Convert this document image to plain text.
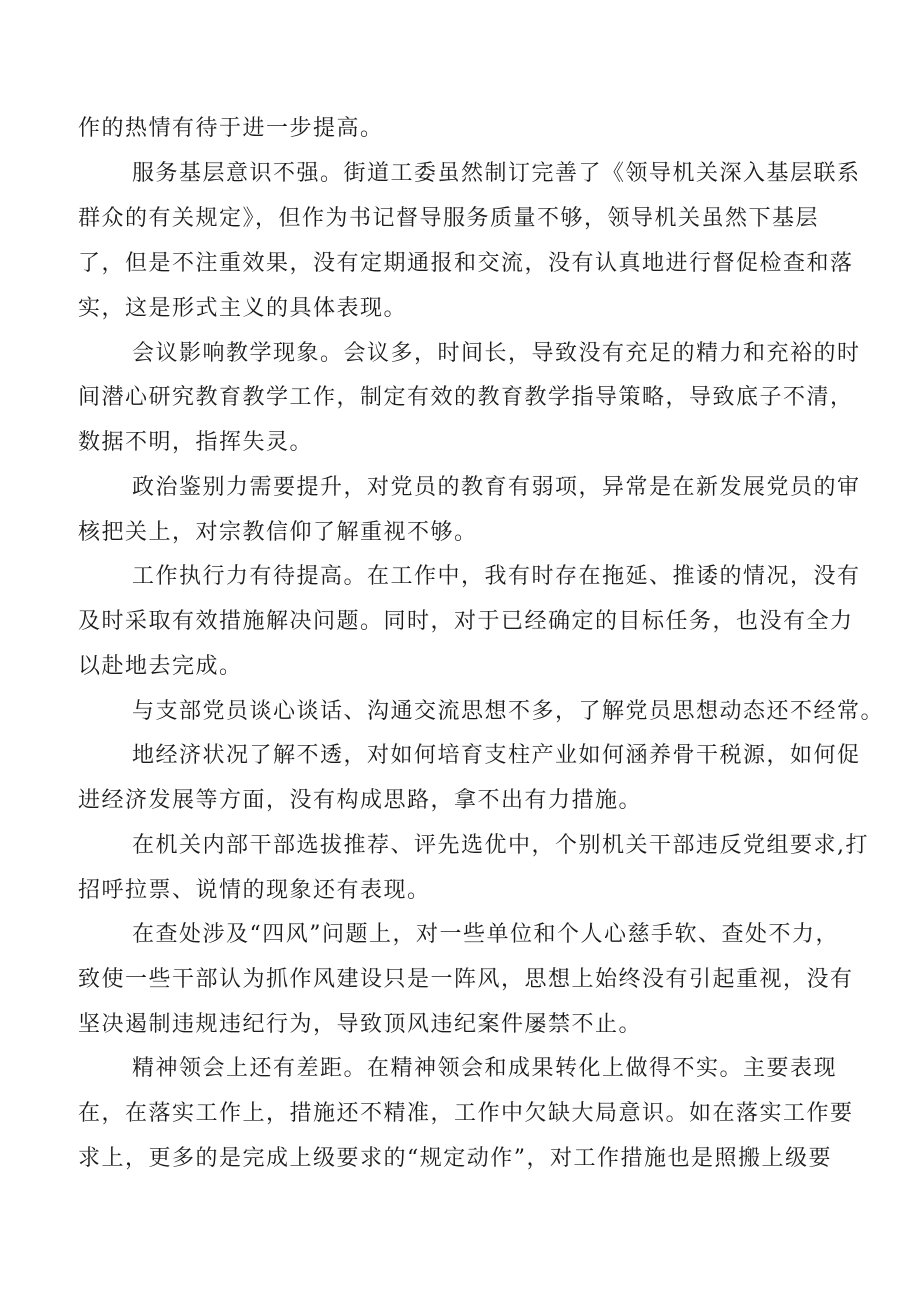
作的热情有待于进一步提高。
服务基层意识不强。街道工委虽然制订完善了《领导机关深入基层联系
群众的有关规定》，但作为书记督导服务质量不够，领导机关虽然下基层
了，但是不注重效果，没有定期通报和交流，没有认真地进行督促检查和落
实，这是形式主义的具体表现。
会议影响教学现象。会议多，时间长，导致没有充足的精力和充裕的时
间潜心研究教育教学工作，制定有效的教育教学指导策略，导致底子不清，
数据不明，指挥失灵。
政治鉴别力需要提升，对党员的教育有弱项，异常是在新发展党员的审
核把关上，对宗教信仰了解重视不够。
工作执行力有待提高。在工作中，我有时存在拖延、推诿的情况，没有
及时采取有效措施解决问题。同时，对于已经确定的目标任务，也没有全力
以赴地去完成。
与支部党员谈心谈话、沟通交流思想不多，了解党员思想动态还不经常。
地经济状况了解不透，对如何培育支柱产业如何涵养骨干税源，如何促
进经济发展等方面，没有构成思路，拿不出有力措施。
在机关内部干部选拔推荐、评先选优中，个别机关干部违反党组要求,打
招呼拉票、说情的现象还有表现。
在查处涉及“四风”问题上，对一些单位和个人心慈手软、查处不力，
致使一些干部认为抓作风建设只是一阵风，思想上始终没有引起重视，没有
坚决遏制违规违纪行为，导致顶风违纪案件屡禁不止。
精神领会上还有差距。在精神领会和成果转化上做得不实。主要表现
在，在落实工作上，措施还不精准，工作中欠缺大局意识。如在落实工作要
求上，更多的是完成上级要求的“规定动作”，对工作措施也是照搬上级要
